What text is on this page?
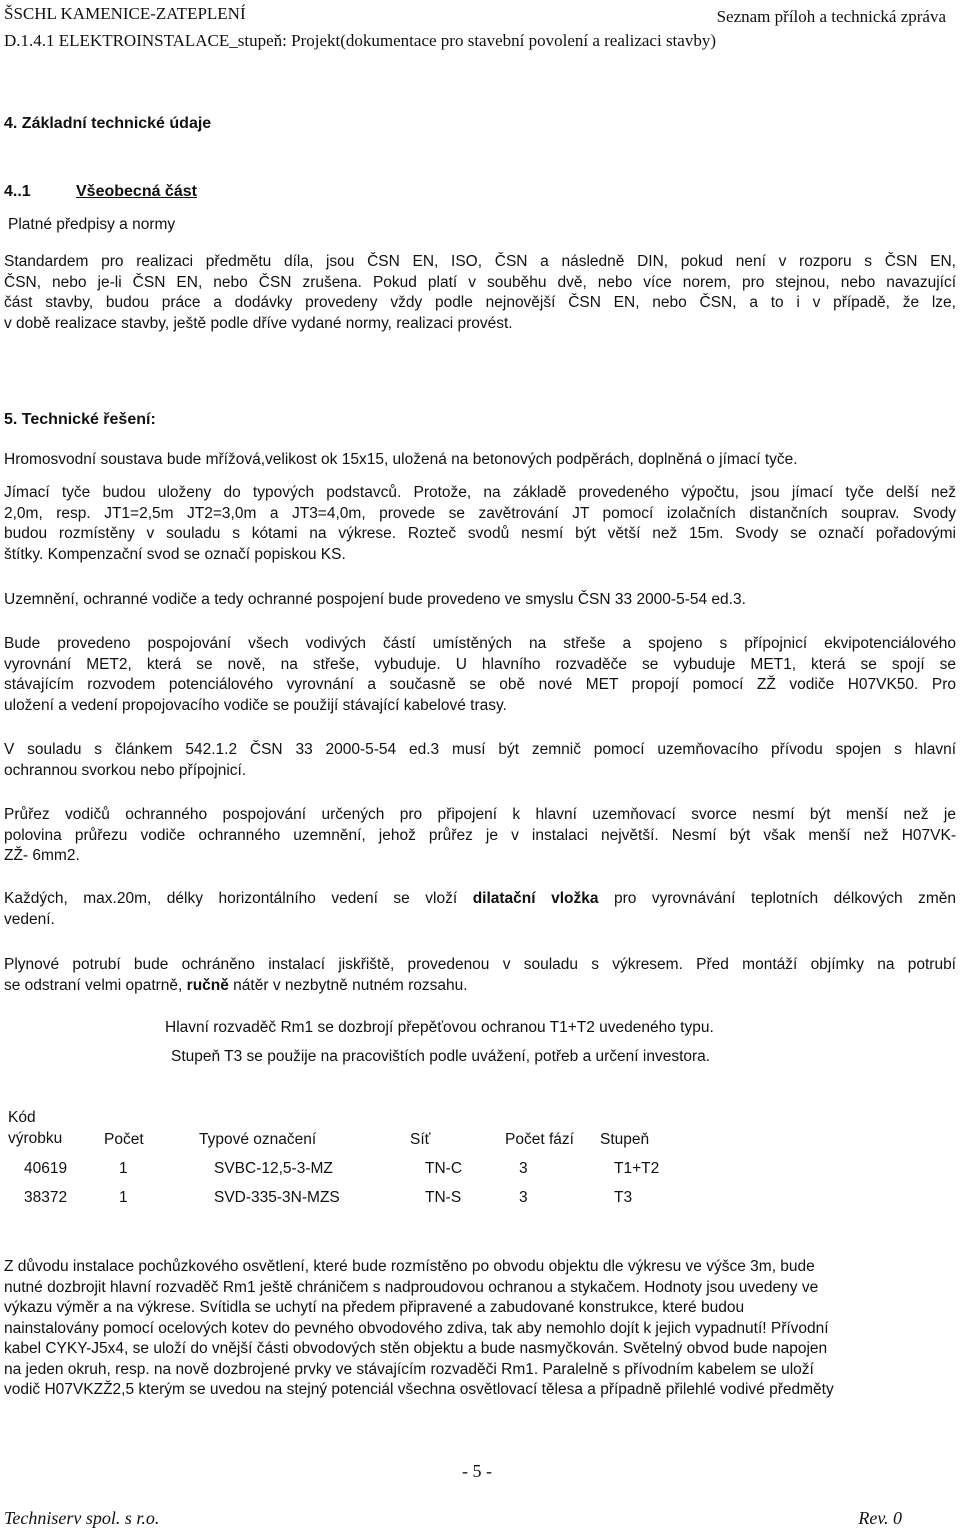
ŠSCHL KAMENICE-ZATEPLENÍ	Seznam příloh a technická zpráva
D.1.4.1 ELEKTROINSTALACE_stupeň: Projekt(dokumentace pro stavební povolení a realizaci stavby)
4. Základní technické údaje
4..1	Všeobecná část
Platné předpisy a normy
Standardem pro realizaci předmětu díla, jsou ČSN EN, ISO, ČSN a následně DIN, pokud není v rozporu s ČSN EN,
ČSN, nebo je-li ČSN EN, nebo ČSN zrušena. Pokud platí v souběhu dvě, nebo více norem, pro stejnou, nebo navazující
část stavby, budou práce a dodávky provedeny vždy podle nejnovější ČSN EN, nebo ČSN, a to i v případě, že lze,
v době realizace stavby, ještě podle dříve vydané normy, realizaci provést.
5. Technické řešení:
Hromosvodní soustava bude mřížová,velikost ok 15x15, uložená na betonových podpěrách, doplněná o jímací tyče.
Jímací tyče budou uloženy do typových podstavců. Protože, na základě provedeného výpočtu, jsou jímací tyče delší než
2,0m, resp. JT1=2,5m JT2=3,0m a JT3=4,0m, provede se zavětrování JT pomocí izolačních distančních souprav. Svody
budou rozmístěny v souladu s kótami na výkrese. Rozteč svodů nesmí být větší než 15m. Svody se označí pořadovými
štítky. Kompenzační svod se označí popiskou KS.
Uzemnění, ochranné vodiče a tedy ochranné pospojení bude provedeno ve smyslu ČSN 33 2000-5-54 ed.3.
Bude provedeno pospojování všech vodivých částí umístěných na střeše a spojeno s přípojnicí ekvipotenciálového
vyrovnání MET2, která se nově, na střeše, vybuduje. U hlavního rozvaděče se vybuduje MET1, která se spojí se
stávajícím rozvodem potenciálového vyrovnání a současně se obě nové MET propojí pomocí ZŽ vodiče H07VK50. Pro
uložení a vedení propojovacího vodiče se použijí stávající kabelové trasy.
V souladu s článkem 542.1.2 ČSN 33 2000-5-54 ed.3 musí být zemnič pomocí uzemňovacího přívodu spojen s hlavní
ochrannou svorkou nebo přípojnicí.
Průřez vodičů ochranného pospojování určených pro připojení k hlavní uzemňovací svorce nesmí být menší než je
polovina průřezu vodiče ochranného uzemnění, jehož průřez je v instalaci největší. Nesmí být však menší než H07VK-
ZŽ- 6mm2.
Každých, max.20m, délky horizontálního vedení se vloží dilatační vložka pro vyrovnávání teplotních délkových změn
vedení.
Plynové potrubí bude ochráněno instalací jiskřiště, provedenou v souladu s výkresem. Před montáží objímky na potrubí
se odstraní velmi opatrně, ručně nátěr v nezbytně nutném rozsahu.
Hlavní rozvaděč Rm1 se dozbrojí přepěťovou ochranou T1+T2 uvedeného typu.
Stupeň T3 se použije na pracovištích podle uvážení, potřeb a určení investora.
Kód
výrobku	Počet	Typové označení	Síť	Počet fází	Stupeň
40619	1	SVBC-12,5-3-MZ	TN-C	3	T1+T2
38372	1	SVD-335-3N-MZS	TN-S	3	T3
Z důvodu instalace pochůzkového osvětlení, které bude rozmístěno po obvodu objektu dle výkresu ve výšce 3m, bude
nutné dozbrojit hlavní rozvaděč Rm1 ještě chráničem s nadproudovou ochranou a stykačem. Hodnoty jsou uvedeny ve
výkazu výměr a na výkrese. Svítidla se uchytí na předem připravené a zabudované konstrukce, které budou
nainstalovány pomocí ocelových kotev do pevného obvodového zdiva, tak aby nemohlo dojít k jejich vypadnutí! Přívodní
kabel CYKY-J5x4, se uloží do vnější části obvodových stěn objektu a bude nasmyčkován. Světelný obvod bude napojen
na jeden okruh, resp. na nově dozbrojené prvky ve stávajícím rozvaděči Rm1. Paralelně s přívodním kabelem se uloží
vodič H07VKZŽ2,5 kterým se uvedou na stejný potenciál všechna osvětlovací tělesa a případně přilehlé vodivé předměty
- 5 -
Techniserv spol. s r.o.	Rev. 0
